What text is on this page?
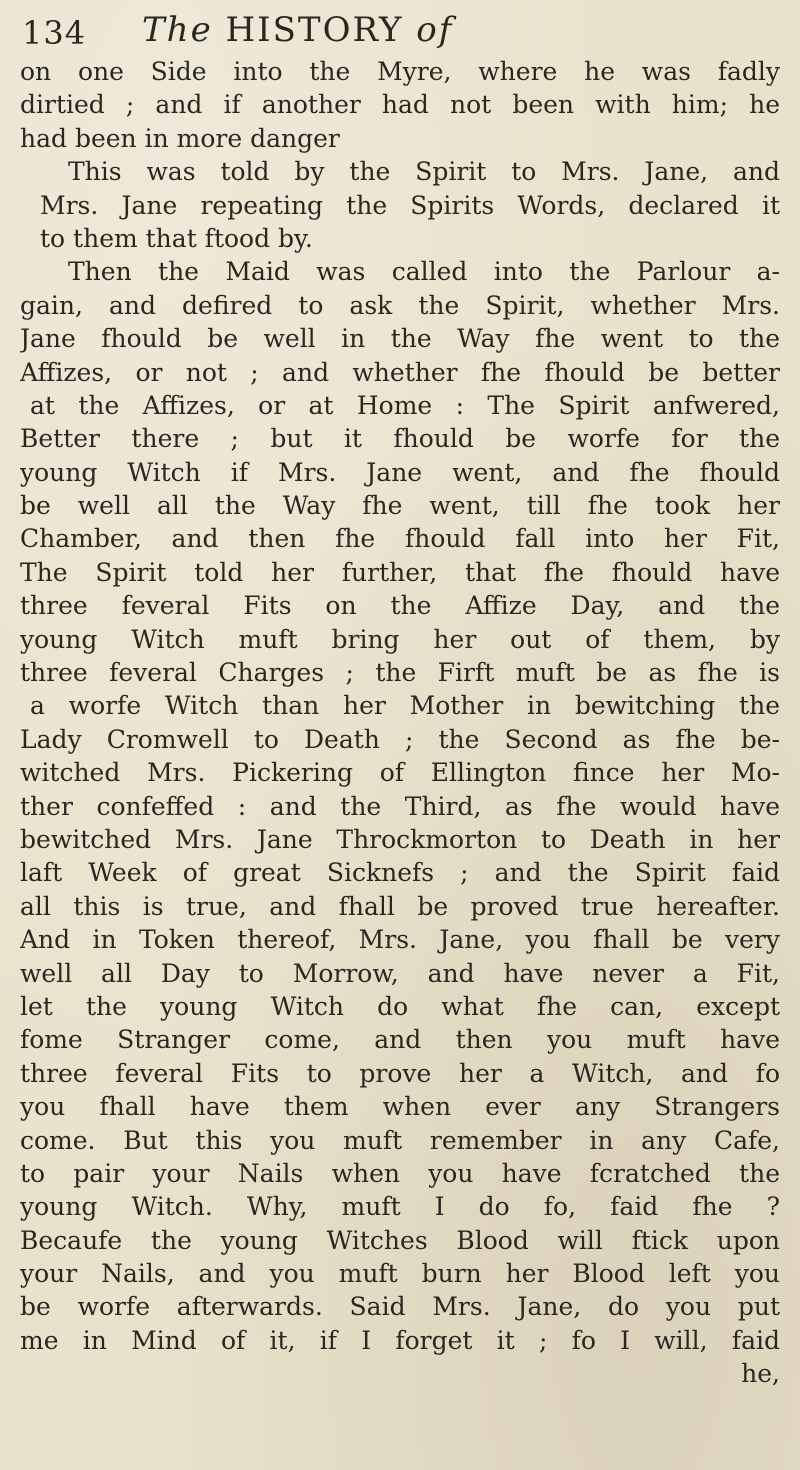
134 The HISTORY of
on one Side into the Myre, where he was fadly
dirtied ; and if another had not been with him; he
had been in more danger
This was told by the Spirit to Mrs. Jane, and
Mrs. Jane repeating the Spirits Words, declared it
to them that ftood by.
Then the Maid was called into the Parlour a-
gain, and defired to ask the Spirit, whether Mrs.
Jane fhould be well in the Way fhe went to the
Affizes, or not ; and whether fhe fhould be better
at the Affizes, or at Home : The Spirit anfwered,
Better there ; but it fhould be worfe for the
young Witch if Mrs. Jane went, and fhe fhould
be well all the Way fhe went, till fhe took her
Chamber, and then fhe fhould fall into her Fit,
The Spirit told her further, that fhe fhould have
three feveral Fits on the Affize Day, and the
young Witch muft bring her out of them, by
three feveral Charges ; the Firft muft be as fhe is
a worfe Witch than her Mother in bewitching the
Lady Cromwell to Death ; the Second as fhe be-
witched Mrs. Pickering of Ellington fince her Mo-
ther confeffed : and the Third, as fhe would have
bewitched Mrs. Jane Throckmorton to Death in her
laft Week of great Sicknefs ; and the Spirit faid
all this is true, and fhall be proved true hereafter.
And in Token thereof, Mrs. Jane, you fhall be very
well all Day to Morrow, and have never a Fit,
let the young Witch do what fhe can, except
fome Stranger come, and then you muft have
three feveral Fits to prove her a Witch, and fo
you fhall have them when ever any Strangers
come. But this you muft remember in any Cafe,
to pair your Nails when you have fcratched the
young Witch. Why, muft I do fo, faid fhe ?
Becaufe the young Witches Blood will ftick upon
your Nails, and you muft burn her Blood left you
be worfe afterwards. Said Mrs. Jane, do you put
me in Mind of it, if I forget it ; fo I will, faid
he,
